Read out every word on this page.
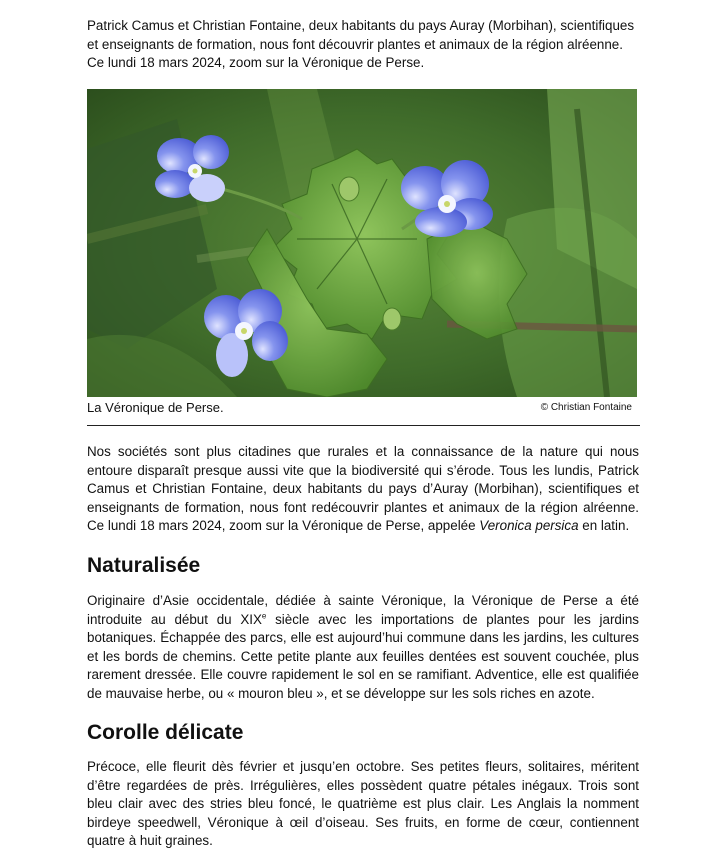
Patrick Camus et Christian Fontaine, deux habitants du pays Auray (Morbihan), scientifiques et enseignants de formation, nous font découvrir plantes et animaux de la région alréenne. Ce lundi 18 mars 2024, zoom sur la Véronique de Perse.

La Véronique de Perse.	© Christian Fontaine

Nos sociétés sont plus citadines que rurales et la connaissance de la nature qui nous entoure disparaît presque aussi vite que la biodiversité qui s’érode. Tous les lundis, Patrick Camus et Christian Fontaine, deux habitants du pays d’Auray (Morbihan), scientifiques et enseignants de formation, nous font redécouvrir plantes et animaux de la région alréenne. Ce lundi 18 mars 2024, zoom sur la Véronique de Perse, appelée Veronica persica en latin.

Naturalisée

Originaire d’Asie occidentale, dédiée à sainte Véronique, la Véronique de Perse a été introduite au début du XIXe siècle avec les importations de plantes pour les jardins botaniques. Échappée des parcs, elle est aujourd’hui commune dans les jardins, les cultures et les bords de chemins. Cette petite plante aux feuilles dentées est souvent couchée, plus rarement dressée. Elle couvre rapidement le sol en se ramifiant. Adventice, elle est qualifiée de mauvaise herbe, ou « mouron bleu », et se développe sur les sols riches en azote.

Corolle délicate

Précoce, elle fleurit dès février et jusqu’en octobre. Ses petites fleurs, solitaires, méritent d’être regardées de près. Irrégulières, elles possèdent quatre pétales inégaux. Trois sont bleu clair avec des stries bleu foncé, le quatrième est plus clair. Les Anglais la nomment birdeye speedwell, Véronique à œil d’oiseau. Ses fruits, en forme de cœur, contiennent quatre à huit graines.
